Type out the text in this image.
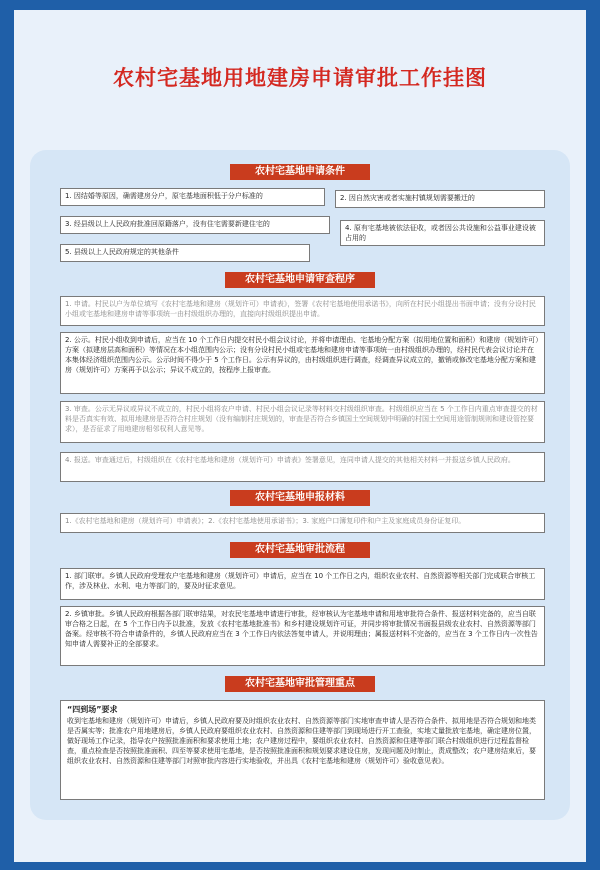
农村宅基地用地建房申请审批工作挂图
农村宅基地申请条件
1. 因结婚等原因，确需建房分户，原宅基地面积低于分户标准的	2. 因自然灾害或者实施村镇规划需要搬迁的
3. 经县级以上人民政府批准回原籍落户，没有住宅需要新建住宅的	4. 原有宅基地被依法征收，或者因公共设施和公益事业建设被占用的
5. 县级以上人民政府规定的其他条件
农村宅基地申请审查程序
1. 申请。村民以户为单位填写《农村宅基地和建房（规划许可）申请表》，签署《农村宅基地使用承诺书》，向所在村民小组提出书面申请；没有分设村民小组或宅基地和建房申请等事项统一由村级组织办理的，直接向村级组织提出申请。
2. 公示。村民小组收到申请后，应当在 10 个工作日内提交村民小组会议讨论，并将申请理由、宅基地分配方案（拟用地位置和面积）和建房（规划许可）方案（拟建房层高和面积）等情况在本小组范围内公示；没有分设村民小组或宅基地和建房申请等事项统一由村级组织办理的，经村民代表会议讨论并在本集体经济组织范围内公示。公示时间不得少于 5 个工作日。公示有异议的，由村级组织进行调查，经调查异议成立的，撤销或修改宅基地分配方案和建房（规划许可）方案再予以公示；异议不成立的，按程序上报审查。
3. 审查。公示无异议或异议不成立的，村民小组将农户申请、村民小组会议记录等材料交村级组织审查。村级组织应当在 5 个工作日内重点审查提交的材料是否真实有效、拟用地建房是否符合村庄规划（没有编制村庄规划的，审查是否符合乡镇国土空间规划中明确的村国土空间用途管制规则和建设管控要求），是否征求了用地建房相邻权利人意见等。
4. 报送。审查通过后，村级组织在《农村宅基地和建房（规划许可）申请表》签署意见，连同申请人提交的其他相关材料一并报送乡镇人民政府。
农村宅基地申报材料
1.《农村宅基地和建房（规划许可）申请表》；2.《农村宅基地使用承诺书》；3. 家庭户口簿复印件和户主及家庭成员身份证复印。
农村宅基地审批流程
1. 部门联审。乡镇人民政府受理农户宅基地和建房（规划许可）申请后，应当在 10 个工作日之内，组织农业农村、自然资源等相关部门完成联合审核工作，涉及林业、水利、电力等部门的，要及时征求意见。
2. 乡镇审批。乡镇人民政府根据各部门联审结果，对农民宅基地申请进行审批，经审核认为宅基地申请和用地审批符合条件、报送材料完备的，应当自联审合格之日起，在 5 个工作日内予以批准，发放《农村宅基地批准书》和乡村建设规划许可证，并同步将审批情况书面报县级农业农村、自然资源等部门备案。经审核不符合申请条件的，乡镇人民政府应当在 3 个工作日内依法答复申请人，并说明理由；属报送材料不完备的，应当在 3 个工作日内一次性告知申请人需要补正的全部要求。
农村宅基地审批管理重点
“四到场”要求
收到宅基地和建房（规划许可）申请后，乡镇人民政府要及时组织农业农村、自然资源等部门实地审查申请人是否符合条件、拟用地是否符合规划和地类是否属实等；批准农户用地建房后，乡镇人民政府要组织农业农村、自然资源和住建等部门到现场进行开工查验，实地丈量批放宅基地，确定建房位置，做好现场工作记录，指导农户按照批准面积和要求使用土地；农户建房过程中，要组织农业农村、自然资源和住建等部门联合村级组织进行过程监督检查，重点检查是否按照批准面积、四至等要求使用宅基地，是否按照批准面积和规划要求建设住房，发现问题及时制止，责成整改；农户建房结束后，要组织农业农村、自然资源和住建等部门对照审批内容进行实地验收，并出具《农村宅基地和建房（规划许可）验收意见表》。
